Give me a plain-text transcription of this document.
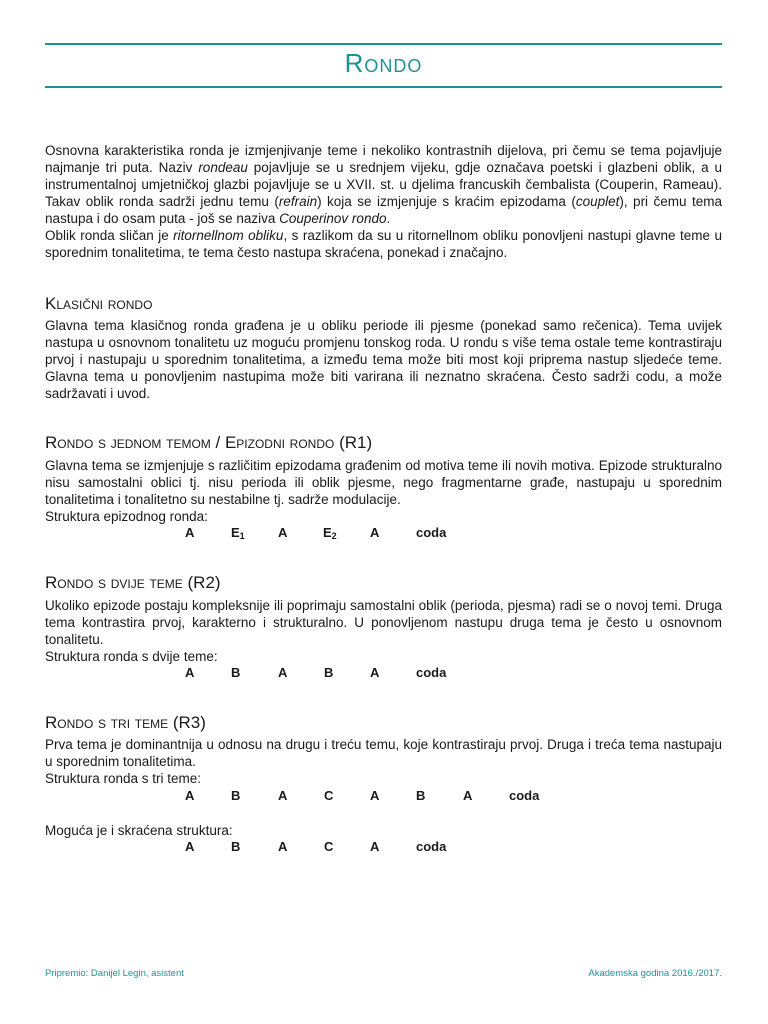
Rondo

Osnovna karakteristika ronda je izmjenjivanje teme i nekoliko kontrastnih dijelova, pri čemu se tema pojavljuje najmanje tri puta. Naziv rondeau pojavljuje se u srednjem vijeku, gdje označava poetski i glazbeni oblik, a u instrumentalnoj umjetničkoj glazbi pojavljuje se u XVII. st. u djelima francuskih čembalista (Couperin, Rameau). Takav oblik ronda sadrži jednu temu (refrain) koja se izmjenjuje s kraćim epizodama (couplet), pri čemu tema nastupa i do osam puta - još se naziva Couperinov rondo.

Oblik ronda sličan je ritornellnom obliku, s razlikom da su u ritornellnom obliku ponovljeni nastupi glavne teme u sporednim tonalitetima, te tema često nastupa skraćena, ponekad i značajno.

Klasični rondo

Glavna tema klasičnog ronda građena je u obliku periode ili pjesme (ponekad samo rečenica). Tema uvijek nastupa u osnovnom tonalitetu uz moguću promjenu tonskog roda. U rondu s više tema ostale teme kontrastiraju prvoj i nastupaju u sporednim tonalitetima, a između tema može biti most koji priprema nastup sljedeće teme. Glavna tema u ponovljenim nastupima može biti varirana ili neznatno skraćena. Često sadrži codu, a može sadržavati i uvod.

Rondo s jednom temom / Epizodni rondo (R1)

Glavna tema se izmjenjuje s različitim epizodama građenim od motiva teme ili novih motiva. Epizode strukturalno nisu samostalni oblici tj. nisu perioda ili oblik pjesme, nego fragmentarne građe, nastupaju u sporednim tonalitetima i tonalitetno su nestabilne tj. sadrže modulacije.

Struktura epizodnog ronda:

A	$E_1$	A	$E_2$	A	coda
Rondo s dvije teme (R2)

Ukoliko epizode postaju kompleksnije ili poprimaju samostalni oblik (perioda, pjesma) radi se o novoj temi. Druga tema kontrastira prvoj, karakterno i strukturalno. U ponovljenom nastupu druga tema je često u osnovnom tonalitetu.

Struktura ronda s dvije teme:

A	B	A	B	A	coda
Rondo s tri teme (R3)

Prva tema je dominantnija u odnosu na drugu i treću temu, koje kontrastiraju prvoj. Druga i treća tema nastupaju u sporednim tonalitetima.

Struktura ronda s tri teme:

A	B	A	C	A	B	A	coda

Moguća je i skraćena struktura:

A	B	A	C	A	coda
Pripremio: Danijel Legin, asistent	Akademska godina 2016./2017.
